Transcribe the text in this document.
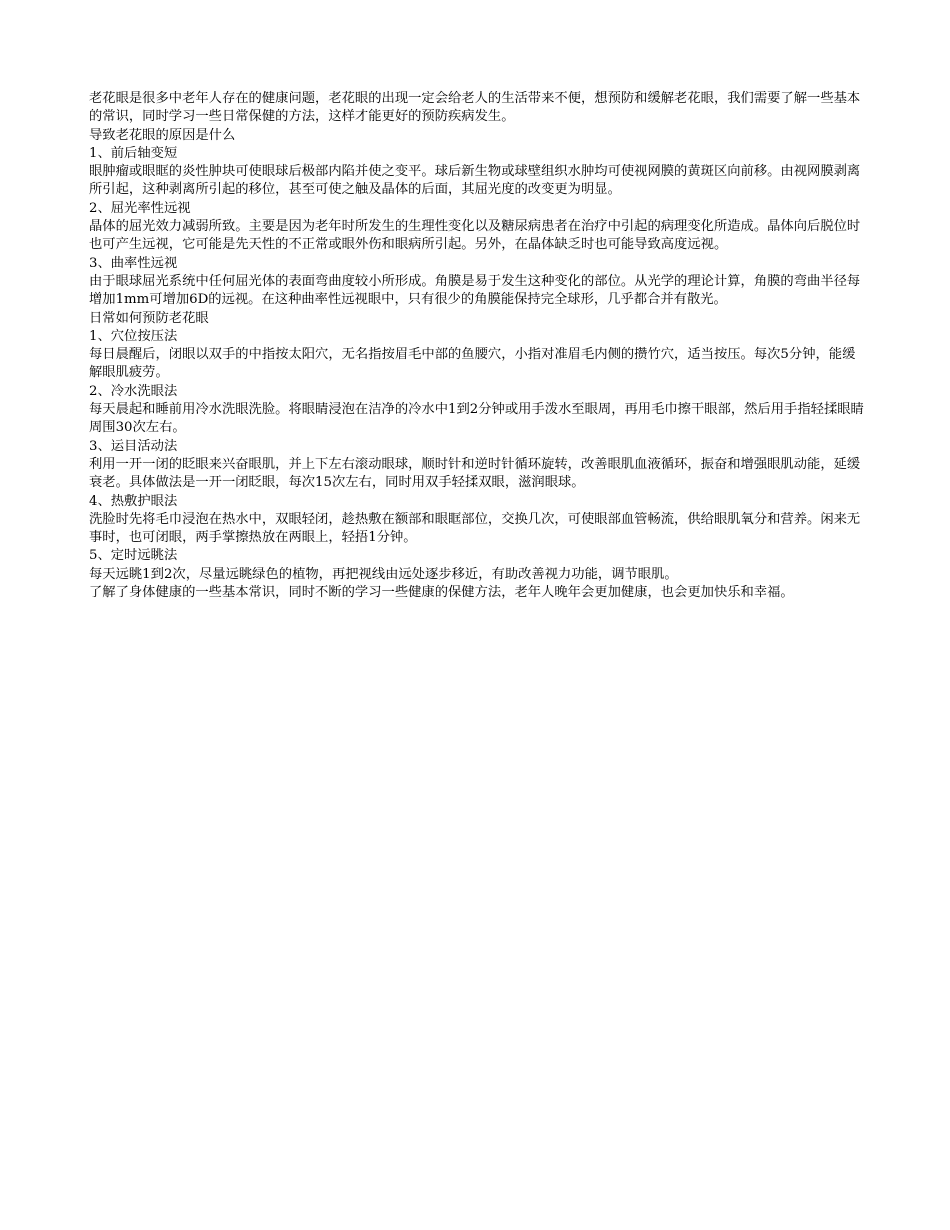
老花眼是很多中老年人存在的健康问题，老花眼的出现一定会给老人的生活带来不便，想预防和缓解老花眼，我们需要了解一些基本的常识，同时学习一些日常保健的方法，这样才能更好的预防疾病发生。

导致老花眼的原因是什么

1、前后轴变短

眼肿瘤或眼眶的炎性肿块可使眼球后极部内陷并使之变平。球后新生物或球壁组织水肿均可使视网膜的黄斑区向前移。由视网膜剥离所引起，这种剥离所引起的移位，甚至可使之触及晶体的后面，其屈光度的改变更为明显。

2、屈光率性远视

晶体的屈光效力减弱所致。主要是因为老年时所发生的生理性变化以及糖尿病患者在治疗中引起的病理变化所造成。晶体向后脱位时也可产生远视，它可能是先天性的不正常或眼外伤和眼病所引起。另外，在晶体缺乏时也可能导致高度远视。

3、曲率性远视

由于眼球屈光系统中任何屈光体的表面弯曲度较小所形成。角膜是易于发生这种变化的部位。从光学的理论计算，角膜的弯曲半径每增加1mm可增加6D的远视。在这种曲率性远视眼中，只有很少的角膜能保持完全球形，几乎都合并有散光。

日常如何预防老花眼

1、穴位按压法

每日晨醒后，闭眼以双手的中指按太阳穴，无名指按眉毛中部的鱼腰穴，小指对准眉毛内侧的攒竹穴，适当按压。每次5分钟，能缓解眼肌疲劳。

2、冷水洗眼法

每天晨起和睡前用冷水洗眼洗脸。将眼睛浸泡在洁净的冷水中1到2分钟或用手泼水至眼周，再用毛巾擦干眼部，然后用手指轻揉眼睛周围30次左右。

3、运目活动法

利用一开一闭的眨眼来兴奋眼肌，并上下左右滚动眼球，顺时针和逆时针循环旋转，改善眼肌血液循环，振奋和增强眼肌动能，延缓衰老。具体做法是一开一闭眨眼，每次15次左右，同时用双手轻揉双眼，滋润眼球。

4、热敷护眼法

洗脸时先将毛巾浸泡在热水中，双眼轻闭，趁热敷在额部和眼眶部位，交换几次，可使眼部血管畅流，供给眼肌氧分和营养。闲来无事时，也可闭眼，两手掌擦热放在两眼上，轻捂1分钟。

5、定时远眺法

每天远眺1到2次，尽量远眺绿色的植物，再把视线由远处逐步移近，有助改善视力功能，调节眼肌。

了解了身体健康的一些基本常识，同时不断的学习一些健康的保健方法，老年人晚年会更加健康，也会更加快乐和幸福。
